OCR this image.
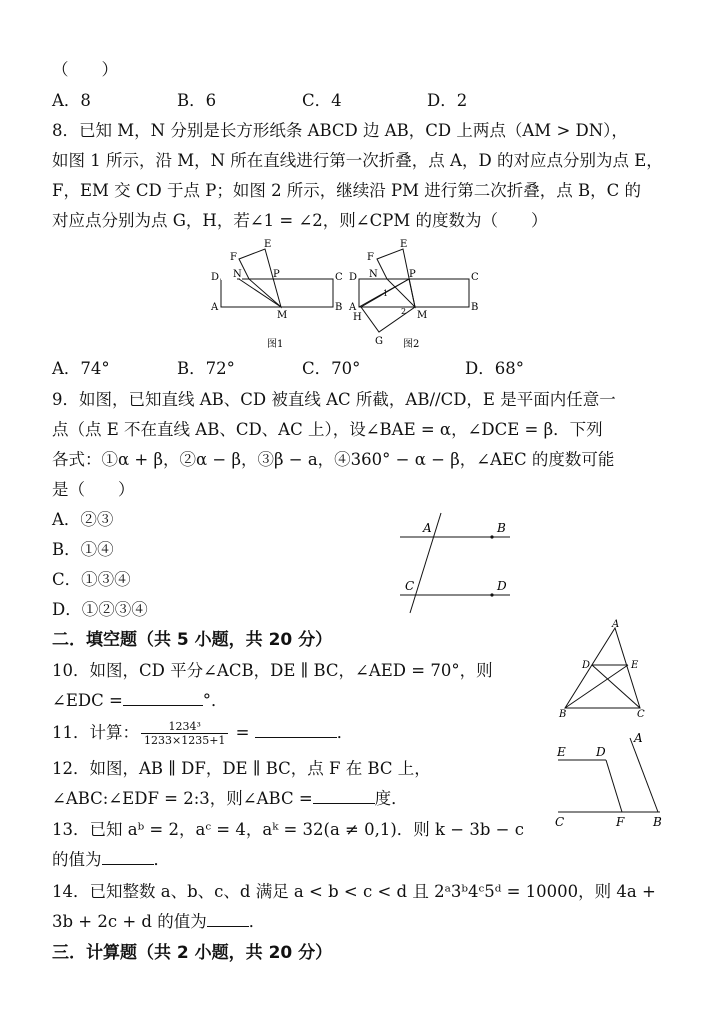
（　　）
A．8	B．6	C．4	D．2
8．已知 M，N 分别是长方形纸条 ABCD 边 AB，CD 上两点（AM > DN），
如图 1 所示，沿 M，N 所在直线进行第一次折叠，点 A，D 的对应点分别为点 E，
F，EM 交 CD 于点 P；如图 2 所示，继续沿 PM 进行第二次折叠，点 B，C 的
对应点分别为点 G，H，若∠1 = ∠2，则∠CPM 的度数为（　　）
D
A
C
B
F
E
N	P
M
图1
D
A
C
B
F
E
N	P
M
H
G
1
2
图2
A．74°	B．72°	C．70°	D．68°
9．如图，已知直线 AB、CD 被直线 AC 所截，AB//CD，E 是平面内任意一
点（点 E 不在直线 AB、CD、AC 上），设∠BAE = α，∠DCE = β．下列
各式：①α + β，②α − β，③β − a，④360° − α − β，∠AEC 的度数可能
是（　　）
A．②③
B．①④
C．①③④
D．①②③④
A	B
C	D
二．填空题（共 5 小题，共 20 分）
10．如图，CD 平分∠ACB，DE ∥ BC，∠AED = 70°，则
∠EDC =	°．
A
B	C
D	E
11．计算： $\frac{\text{1234³}}{1233\times 1235+1}$ =	．
12．如图，AB ∥ DF，DE ∥ BC，点 F 在 BC 上，
∠ABC:∠EDF = 2:3，则∠ABC =	度．
E	D
A
C	F B
13．已知 aᵇ = 2，aᶜ = 4，aᵏ = 32(a ≠ 0,1)．则 k − 3b − c
的值为	．
14．已知整数 a、b、c、d 满足 a < b < c < d 且 2ᵃ3ᵇ4ᶜ5ᵈ = 10000，则 4a +
3b + 2c + d 的值为	．
三．计算题（共 2 小题，共 20 分）
